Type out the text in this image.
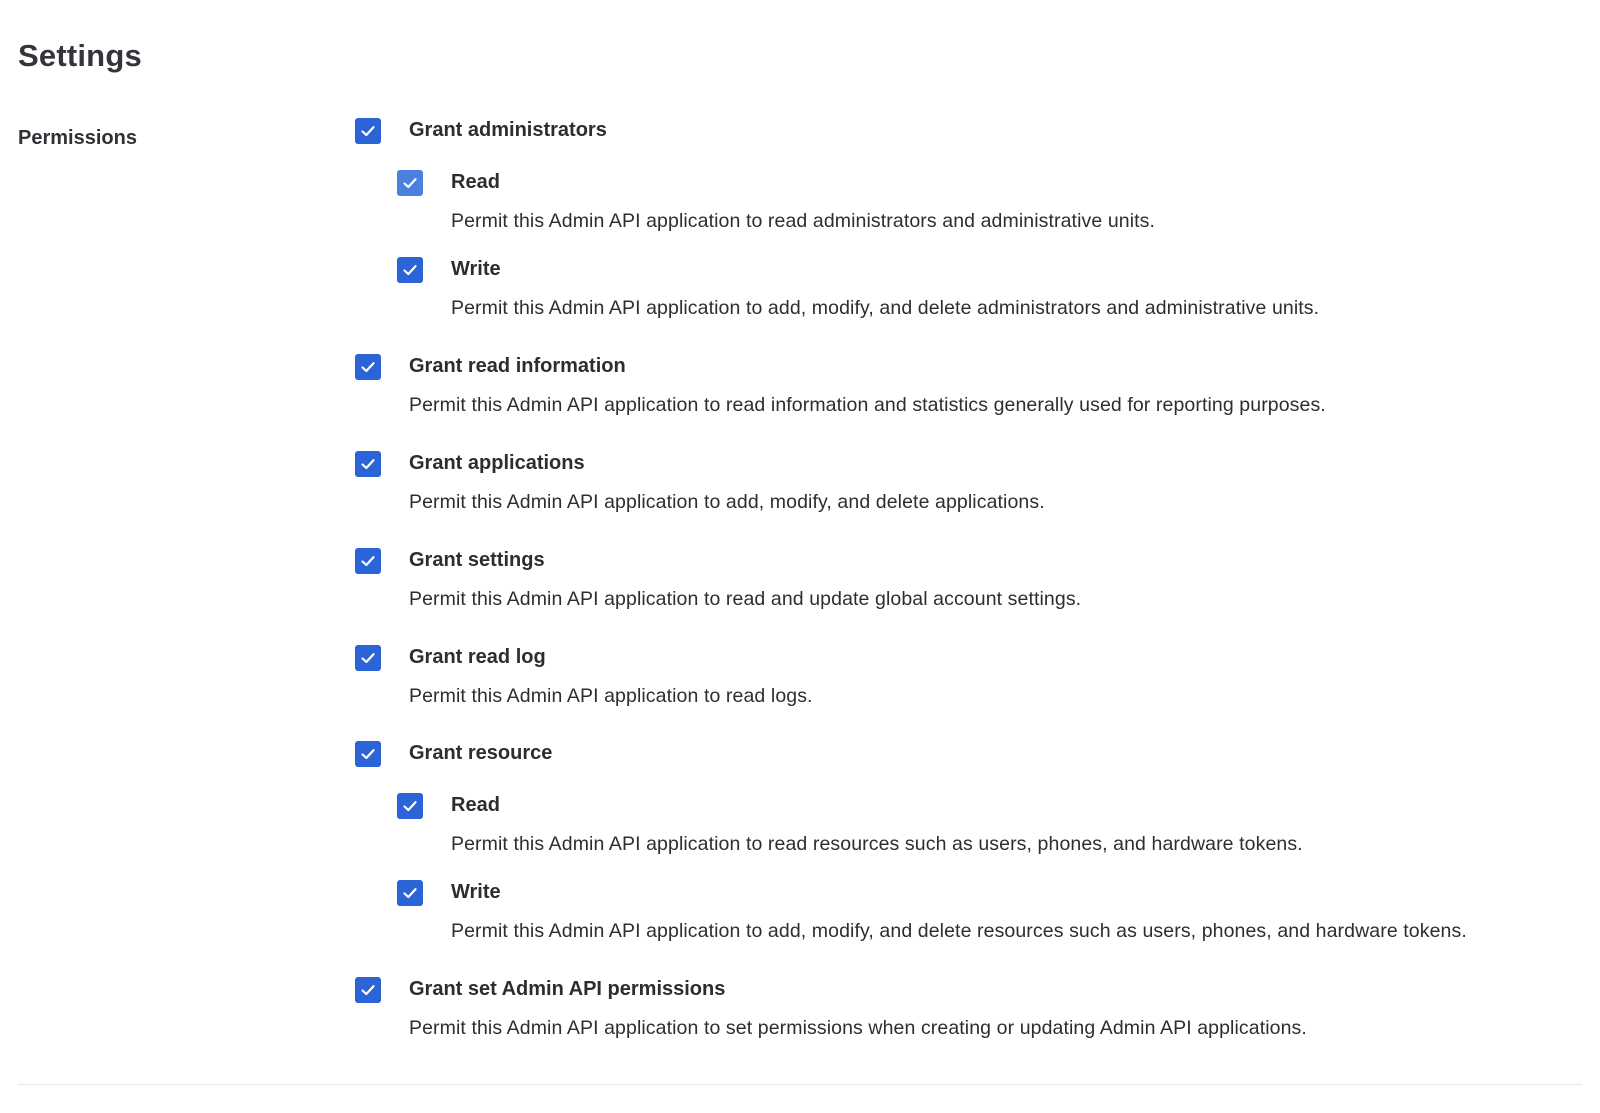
Settings
Permissions	Grant administrators
Read
Permit this Admin API application to read administrators and administrative units.
Write
Permit this Admin API application to add, modify, and delete administrators and administrative units.
Grant read information
Permit this Admin API application to read information and statistics generally used for reporting purposes.
Grant applications
Permit this Admin API application to add, modify, and delete applications.
Grant settings
Permit this Admin API application to read and update global account settings.
Grant read log
Permit this Admin API application to read logs.
Grant resource
Read
Permit this Admin API application to read resources such as users, phones, and hardware tokens.
Write
Permit this Admin API application to add, modify, and delete resources such as users, phones, and hardware tokens.
Grant set Admin API permissions
Permit this Admin API application to set permissions when creating or updating Admin API applications.
